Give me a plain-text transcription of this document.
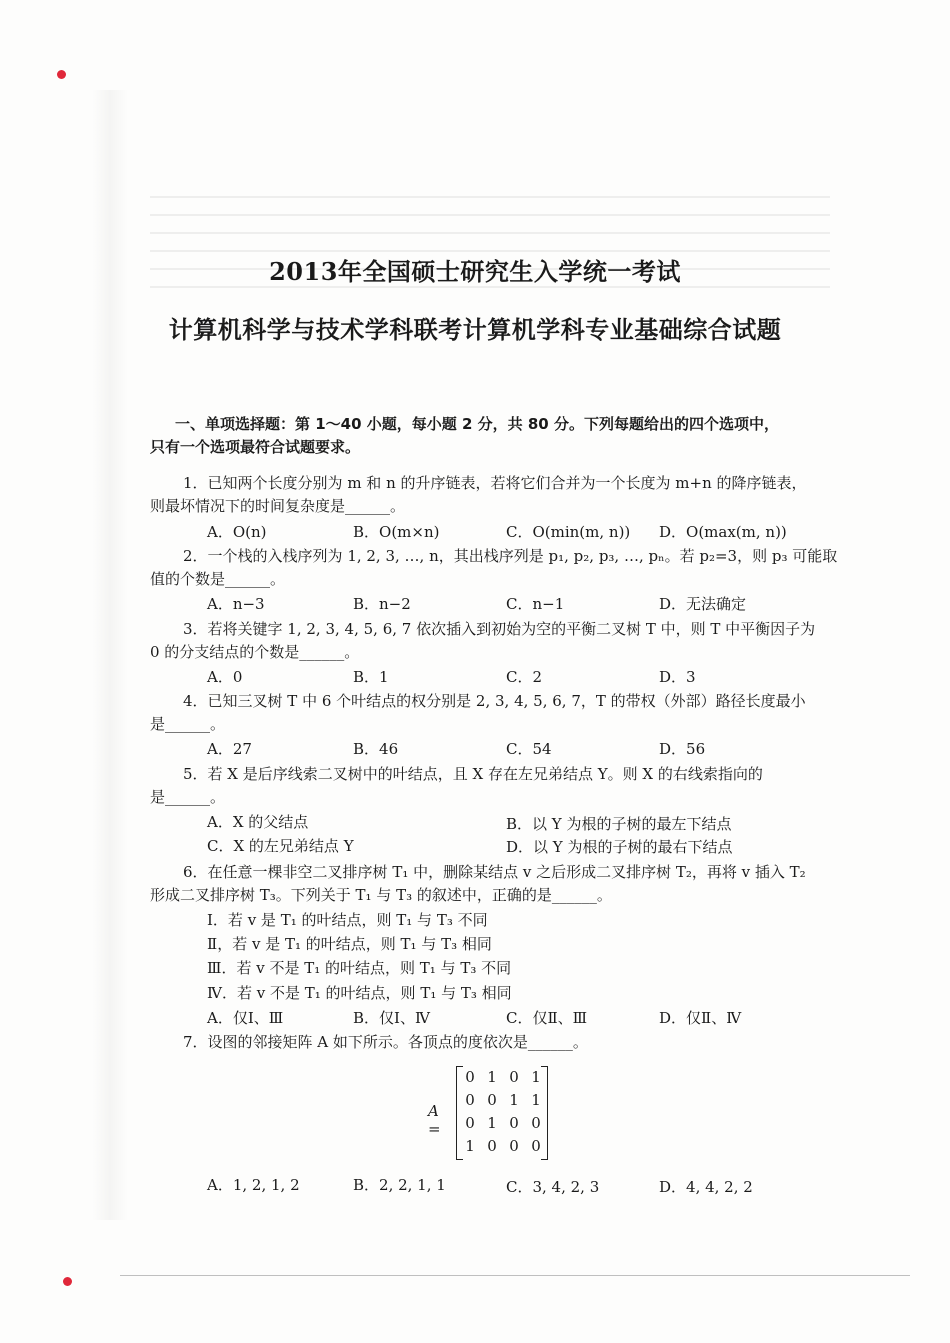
2013年全国硕士研究生入学统一考试
计算机科学与技术学科联考计算机学科专业基础综合试题
一、单项选择题：第 1～40 小题，每小题 2 分，共 80 分。下列每题给出的四个选项中，
只有一个选项最符合试题要求。
1．已知两个长度分别为 m 和 n 的升序链表，若将它们合并为一个长度为 m+n 的降序链表，
则最坏情况下的时间复杂度是______。
A．O(n)	B．O(m×n)	C．O(min(m, n)) D．O(max(m, n))
2．一个栈的入栈序列为 1, 2, 3, …, n，其出栈序列是 p₁, p₂, p₃, …, pₙ。若 p₂=3，则 p₃ 可能取
值的个数是______。
A．n−3	B．n−2	C．n−1	D．无法确定
3．若将关键字 1, 2, 3, 4, 5, 6, 7 依次插入到初始为空的平衡二叉树 T 中，则 T 中平衡因子为
0 的分支结点的个数是______。
A．0	B．1	C．2	D．3
4．已知三叉树 T 中 6 个叶结点的权分别是 2, 3, 4, 5, 6, 7，T 的带权（外部）路径长度最小
是______。
A．27	B．46	C．54	D．56
5．若 X 是后序线索二叉树中的叶结点，且 X 存在左兄弟结点 Y。则 X 的右线索指向的
是______。
A．X 的父结点	B．以 Y 为根的子树的最左下结点
C．X 的左兄弟结点 Y	D．以 Y 为根的子树的最右下结点
6．在任意一棵非空二叉排序树 T₁ 中，删除某结点 v 之后形成二叉排序树 T₂，再将 v 插入 T₂
形成二叉排序树 T₃。下列关于 T₁ 与 T₃ 的叙述中，正确的是______。
Ⅰ．若 v 是 T₁ 的叶结点，则 T₁ 与 T₃ 不同
Ⅱ，若 v 是 T₁ 的叶结点，则 T₁ 与 T₃ 相同
Ⅲ．若 v 不是 T₁ 的叶结点，则 T₁ 与 T₃ 不同
Ⅳ．若 v 不是 T₁ 的叶结点，则 T₁ 与 T₃ 相同
A．仅Ⅰ、Ⅲ	B．仅Ⅰ、Ⅳ	C．仅Ⅱ、Ⅲ	D．仅Ⅱ、Ⅳ
7．设图的邻接矩阵 A 如下所示。各顶点的度依次是______。
A =
0 1 0 1
0 0 1 1
0 1 0 0
1 0 0 0
A．1, 2, 1, 2	B．2, 2, 1, 1	C．3, 4, 2, 3	D．4, 4, 2, 2
